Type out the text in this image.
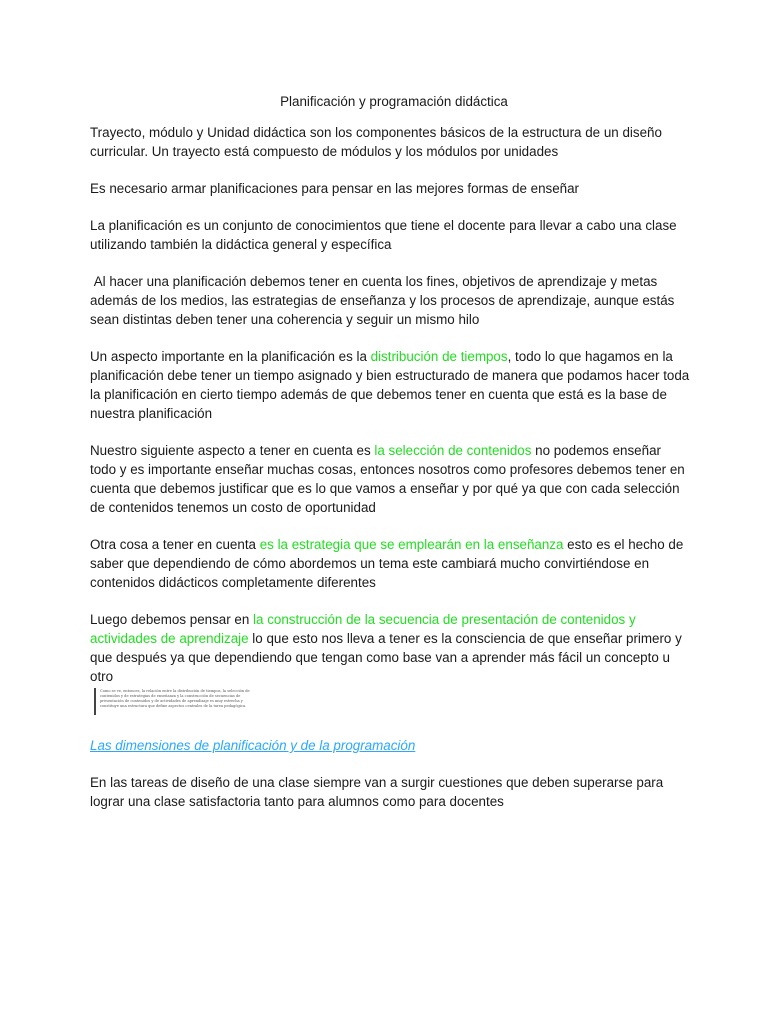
Planificación y programación didáctica

Trayecto, módulo y Unidad didáctica son los componentes básicos de la estructura de un diseño curricular. Un trayecto está compuesto de módulos y los módulos por unidades

Es necesario armar planificaciones para pensar en las mejores formas de enseñar

La planificación es un conjunto de conocimientos que tiene el docente para llevar a cabo una clase utilizando también la didáctica general y específica

Al hacer una planificación debemos tener en cuenta los fines, objetivos de aprendizaje y metas además de los medios, las estrategias de enseñanza y los procesos de aprendizaje, aunque estás sean distintas deben tener una coherencia y seguir un mismo hilo

Un aspecto importante en la planificación es la distribución de tiempos, todo lo que hagamos en la planificación debe tener un tiempo asignado y bien estructurado de manera que podamos hacer toda la planificación en cierto tiempo además de que debemos tener en cuenta que está es la base de nuestra planificación

Nuestro siguiente aspecto a tener en cuenta es la selección de contenidos no podemos enseñar todo y es importante enseñar muchas cosas, entonces nosotros como profesores debemos tener en cuenta que debemos justificar que es lo que vamos a enseñar y por qué ya que con cada selección de contenidos tenemos un costo de oportunidad

Otra cosa a tener en cuenta es la estrategia que se emplearán en la enseñanza esto es el hecho de saber que dependiendo de cómo abordemos un tema este cambiará mucho convirtiéndose en contenidos didácticos completamente diferentes

Luego debemos pensar en la construcción de la secuencia de presentación de contenidos y actividades de aprendizaje lo que esto nos lleva a tener es la consciencia de que enseñar primero y que después ya que dependiendo que tengan como base van a aprender más fácil un concepto u otro

Como se ve, entonces, la relación entre la distribución de tiempos, la selección de contenidos y de estrategias de enseñanza y la construcción de secuencias de presentación de contenidos y de actividades de aprendizaje es muy estrecha y constituye una estructura que define aspectos centrales de la tarea pedagógica.

Las dimensiones de planificación y de la programación

En las tareas de diseño de una clase siempre van a surgir cuestiones que deben superarse para lograr una clase satisfactoria tanto para alumnos como para docentes
